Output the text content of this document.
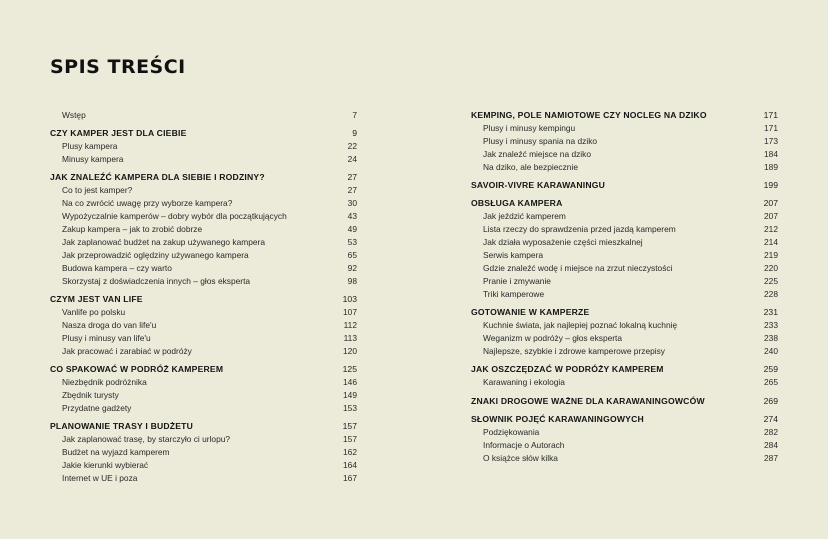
SPIS TREŚCI
Wstęp	7
CZY KAMPER JEST DLA CIEBIE	9
Plusy kampera	22
Minusy kampera	24
JAK ZNALEŹĆ KAMPERA DLA SIEBIE I RODZINY?	27
Co to jest kamper?	27
Na co zwrócić uwagę przy wyborze kampera?	30
Wypożyczalnie kamperów – dobry wybór dla początkujących	43
Zakup kampera – jak to zrobić dobrze	49
Jak zaplanować budżet na zakup używanego kampera	53
Jak przeprowadzić oględziny używanego kampera	65
Budowa kampera – czy warto	92
Skorzystaj z doświadczenia innych – głos eksperta	98
CZYM JEST VAN LIFE	103
Vanlife po polsku	107
Nasza droga do van life'u	112
Plusy i minusy van life'u	113
Jak pracować i zarabiać w podróży	120
CO SPAKOWAĆ W PODRÓŻ KAMPEREM	125
Niezbędnik podróżnika	146
Zbędnik turysty	149
Przydatne gadżety	153
PLANOWANIE TRASY I BUDŻETU	157
Jak zaplanować trasę, by starczyło ci urlopu?	157
Budżet na wyjazd kamperem	162
Jakie kierunki wybierać	164
Internet w UE i poza	167
KEMPING, POLE NAMIOTOWE CZY NOCLEG NA DZIKO	171
Plusy i minusy kempingu	171
Plusy i minusy spania na dziko	173
Jak znaleźć miejsce na dziko	184
Na dziko, ale bezpiecznie	189
SAVOIR-VIVRE KARAWANINGU	199
OBSŁUGA KAMPERA	207
Jak jeździć kamperem	207
Lista rzeczy do sprawdzenia przed jazdą kamperem	212
Jak działa wyposażenie części mieszkalnej	214
Serwis kampera	219
Gdzie znaleźć wodę i miejsce na zrzut nieczystości	220
Pranie i zmywanie	225
Triki kamperowe	228
GOTOWANIE W KAMPERZE	231
Kuchnie świata, jak najlepiej poznać lokalną kuchnię	233
Weganizm w podróży – głos eksperta	238
Najlepsze, szybkie i zdrowe kamperowe przepisy	240
JAK OSZCZĘDZAĆ W PODRÓŻY KAMPEREM	259
Karawaning i ekologia	265
ZNAKI DROGOWE WAŻNE DLA KARAWANINGOWCÓW	269
SŁOWNIK POJĘĆ KARAWANINGOWYCH	274
Podziękowania	282
Informacje o Autorach	284
O książce słów kilka	287
